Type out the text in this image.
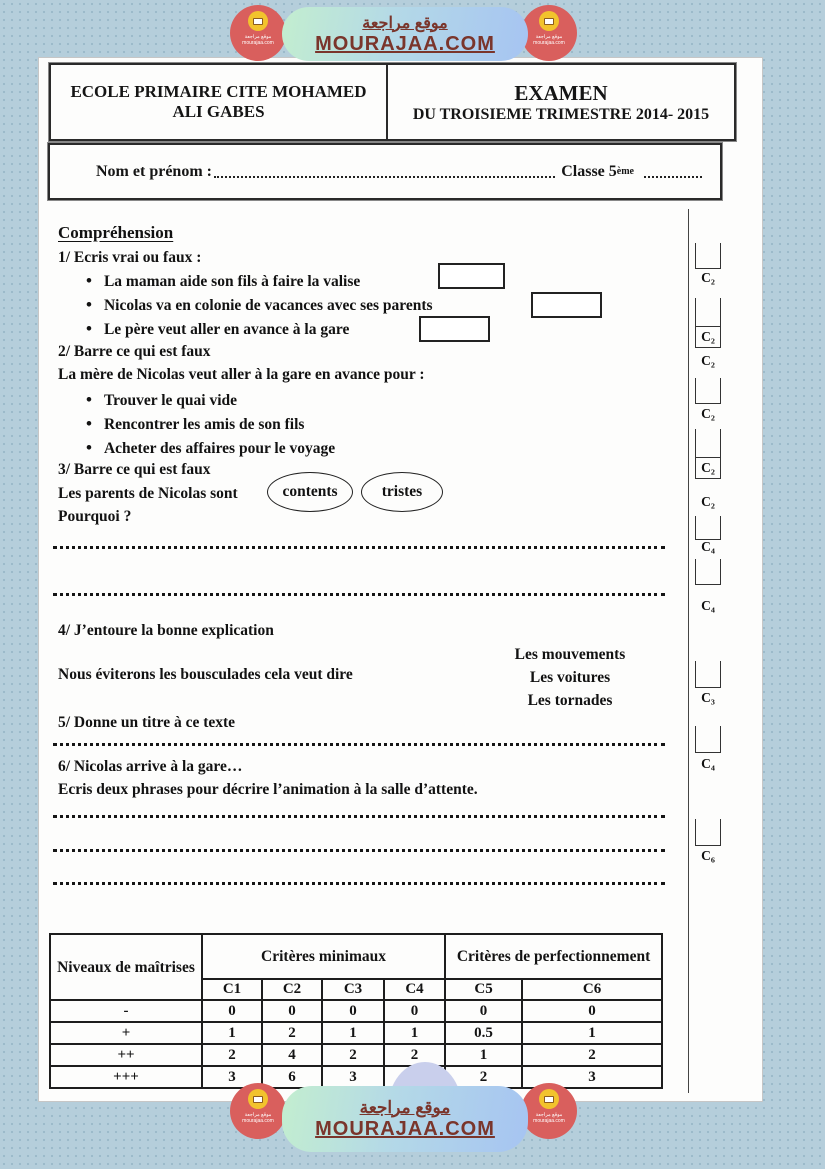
موقع مراجعة
mourajaa.com
موقع مراجعة
mourajaa.com
موقع مراجعة
MOURAJAA.COM
ECOLE PRIMAIRE CITE MOHAMED ALI GABES
EXAMEN
DU TROISIEME TRIMESTRE 2014- 2015
Nom et prénom :	Classe 5 ème
Compréhension
1/ Ecris vrai ou faux :
• La maman aide son fils à faire la valise
• Nicolas va en colonie de vacances avec ses parents
• Le père veut aller en avance à la gare
2/ Barre ce qui est faux
La mère de Nicolas veut aller à la gare en avance pour :
• Trouver le quai vide
• Rencontrer les amis de son fils
• Acheter des affaires pour le voyage
3/ Barre ce qui est faux
Les parents de Nicolas sont	contents	tristes
Pourquoi ?
4/ J’entoure la bonne explication
Nous éviterons les bousculades cela veut dire
Les mouvements
Les voitures
Les tornades
5/ Donne un titre à ce texte
6/ Nicolas arrive à la gare…
Ecris deux phrases pour décrire l’animation à la salle d’attente.
C₂
C₂
C₂
C₂
C₂
C₂
C₄
C₄
C₃
C₄
C₆
Niveaux de maîtrises	Critères minimaux				Critères de perfectionnement	
	C1	C2	C3	C4	C5	C6
-	0	0	0	0	0	0
+	1	2	1	1	0.5	1
++	2	4	2	2	1	2
+++	3	6	3		2	3
موقع مراجعة
mourajaa.com
موقع مراجعة
mourajaa.com
موقع مراجعة
MOURAJAA.COM
